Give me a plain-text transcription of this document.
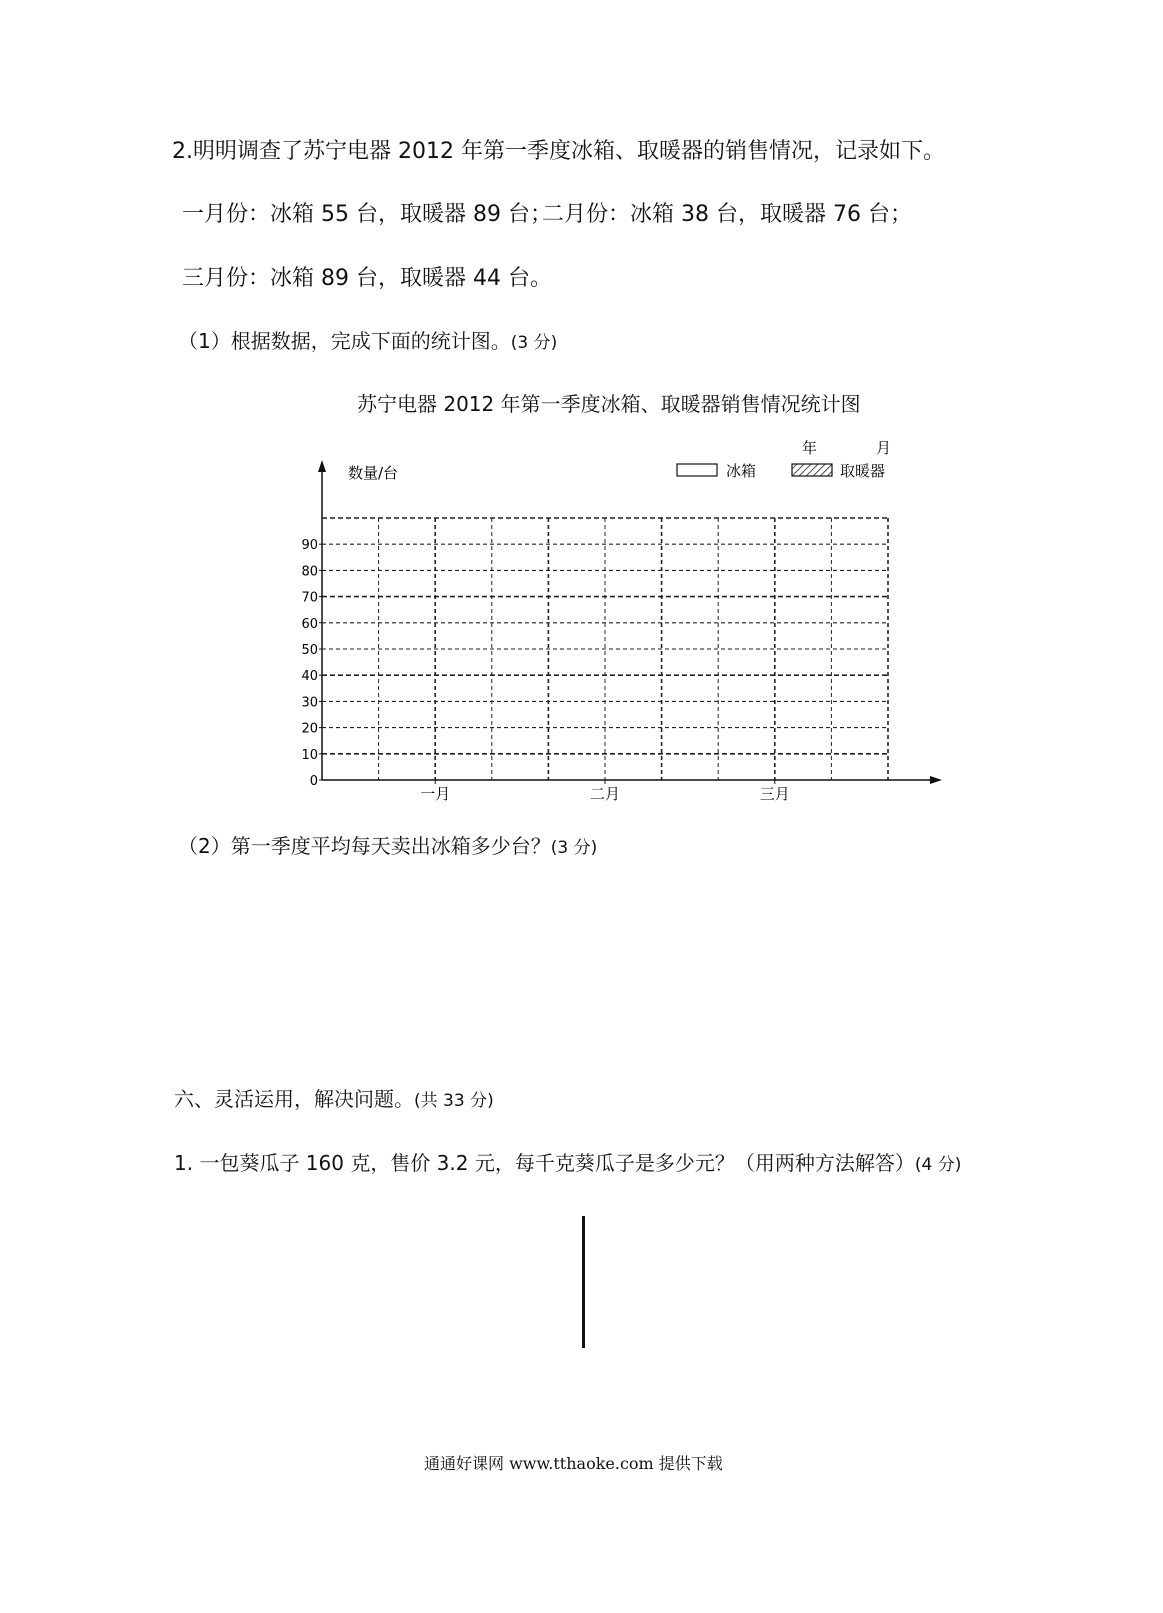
2.明明调查了苏宁电器 2012 年第一季度冰箱、取暖器的销售情况，记录如下。
一月份：冰箱 55 台，取暖器 89 台；
二月份：冰箱 38 台，取暖器 76 台；
三月份：冰箱 89 台，取暖器 44 台。
（1）根据数据，完成下面的统计图。(3 分)
苏宁电器 2012 年第一季度冰箱、取暖器销售情况统计图
0
10
20
30
40
50
60
70
80
90
一月	二月	三月
数量/台
年	月
冰箱	取暖器
（2）第一季度平均每天卖出冰箱多少台？(3 分)
六、灵活运用，解决问题。(共 33 分)
1. 一包葵瓜子 160 克，售价 3.2 元，每千克葵瓜子是多少元？（用两种方法解答）(4 分)
通通好课网 www.tthaoke.com 提供下载
